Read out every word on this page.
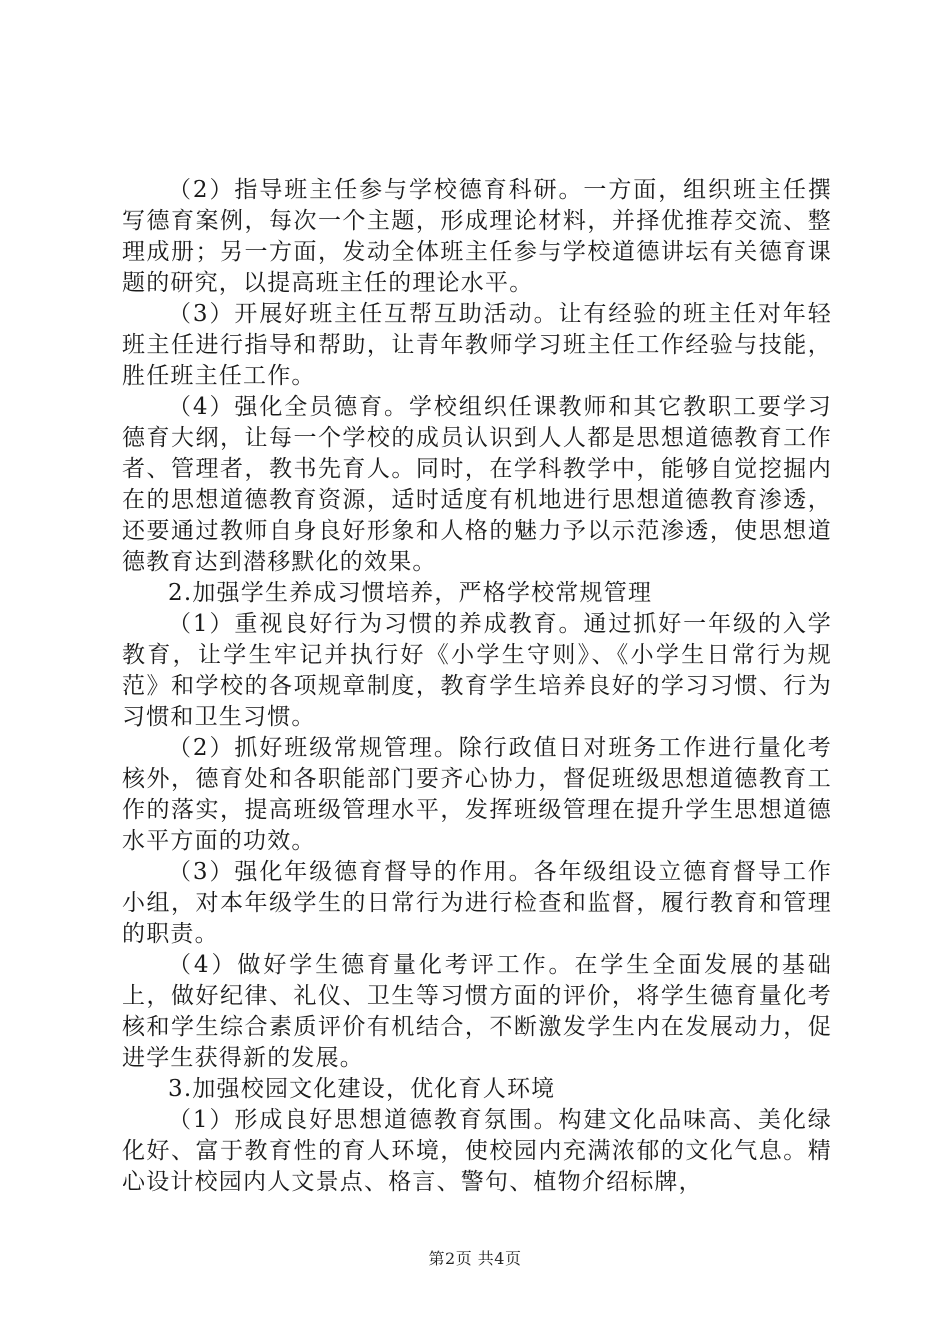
（2）指导班主任参与学校德育科研。一方面，组织班主任撰写德育案例，每次一个主题，形成理论材料，并择优推荐交流、整理成册；另一方面，发动全体班主任参与学校道德讲坛有关德育课题的研究，以提高班主任的理论水平。

（3）开展好班主任互帮互助活动。让有经验的班主任对年轻班主任进行指导和帮助，让青年教师学习班主任工作经验与技能，胜任班主任工作。

（4）强化全员德育。学校组织任课教师和其它教职工要学习德育大纲，让每一个学校的成员认识到人人都是思想道德教育工作者、管理者，教书先育人。同时，在学科教学中，能够自觉挖掘内在的思想道德教育资源，适时适度有机地进行思想道德教育渗透，还要通过教师自身良好形象和人格的魅力予以示范渗透，使思想道德教育达到潜移默化的效果。

2.加强学生养成习惯培养，严格学校常规管理

（1）重视良好行为习惯的养成教育。通过抓好一年级的入学教育，让学生牢记并执行好《小学生守则》、《小学生日常行为规范》和学校的各项规章制度，教育学生培养良好的学习习惯、行为习惯和卫生习惯。

（2）抓好班级常规管理。除行政值日对班务工作进行量化考核外，德育处和各职能部门要齐心协力，督促班级思想道德教育工作的落实，提高班级管理水平，发挥班级管理在提升学生思想道德水平方面的功效。

（3）强化年级德育督导的作用。各年级组设立德育督导工作小组，对本年级学生的日常行为进行检查和监督，履行教育和管理的职责。

（4）做好学生德育量化考评工作。在学生全面发展的基础上，做好纪律、礼仪、卫生等习惯方面的评价，将学生德育量化考核和学生综合素质评价有机结合，不断激发学生内在发展动力，促进学生获得新的发展。

3.加强校园文化建设，优化育人环境

（1）形成良好思想道德教育氛围。构建文化品味高、美化绿化好、富于教育性的育人环境，使校园内充满浓郁的文化气息。精心设计校园内人文景点、格言、警句、植物介绍标牌，

第2页 共4页
